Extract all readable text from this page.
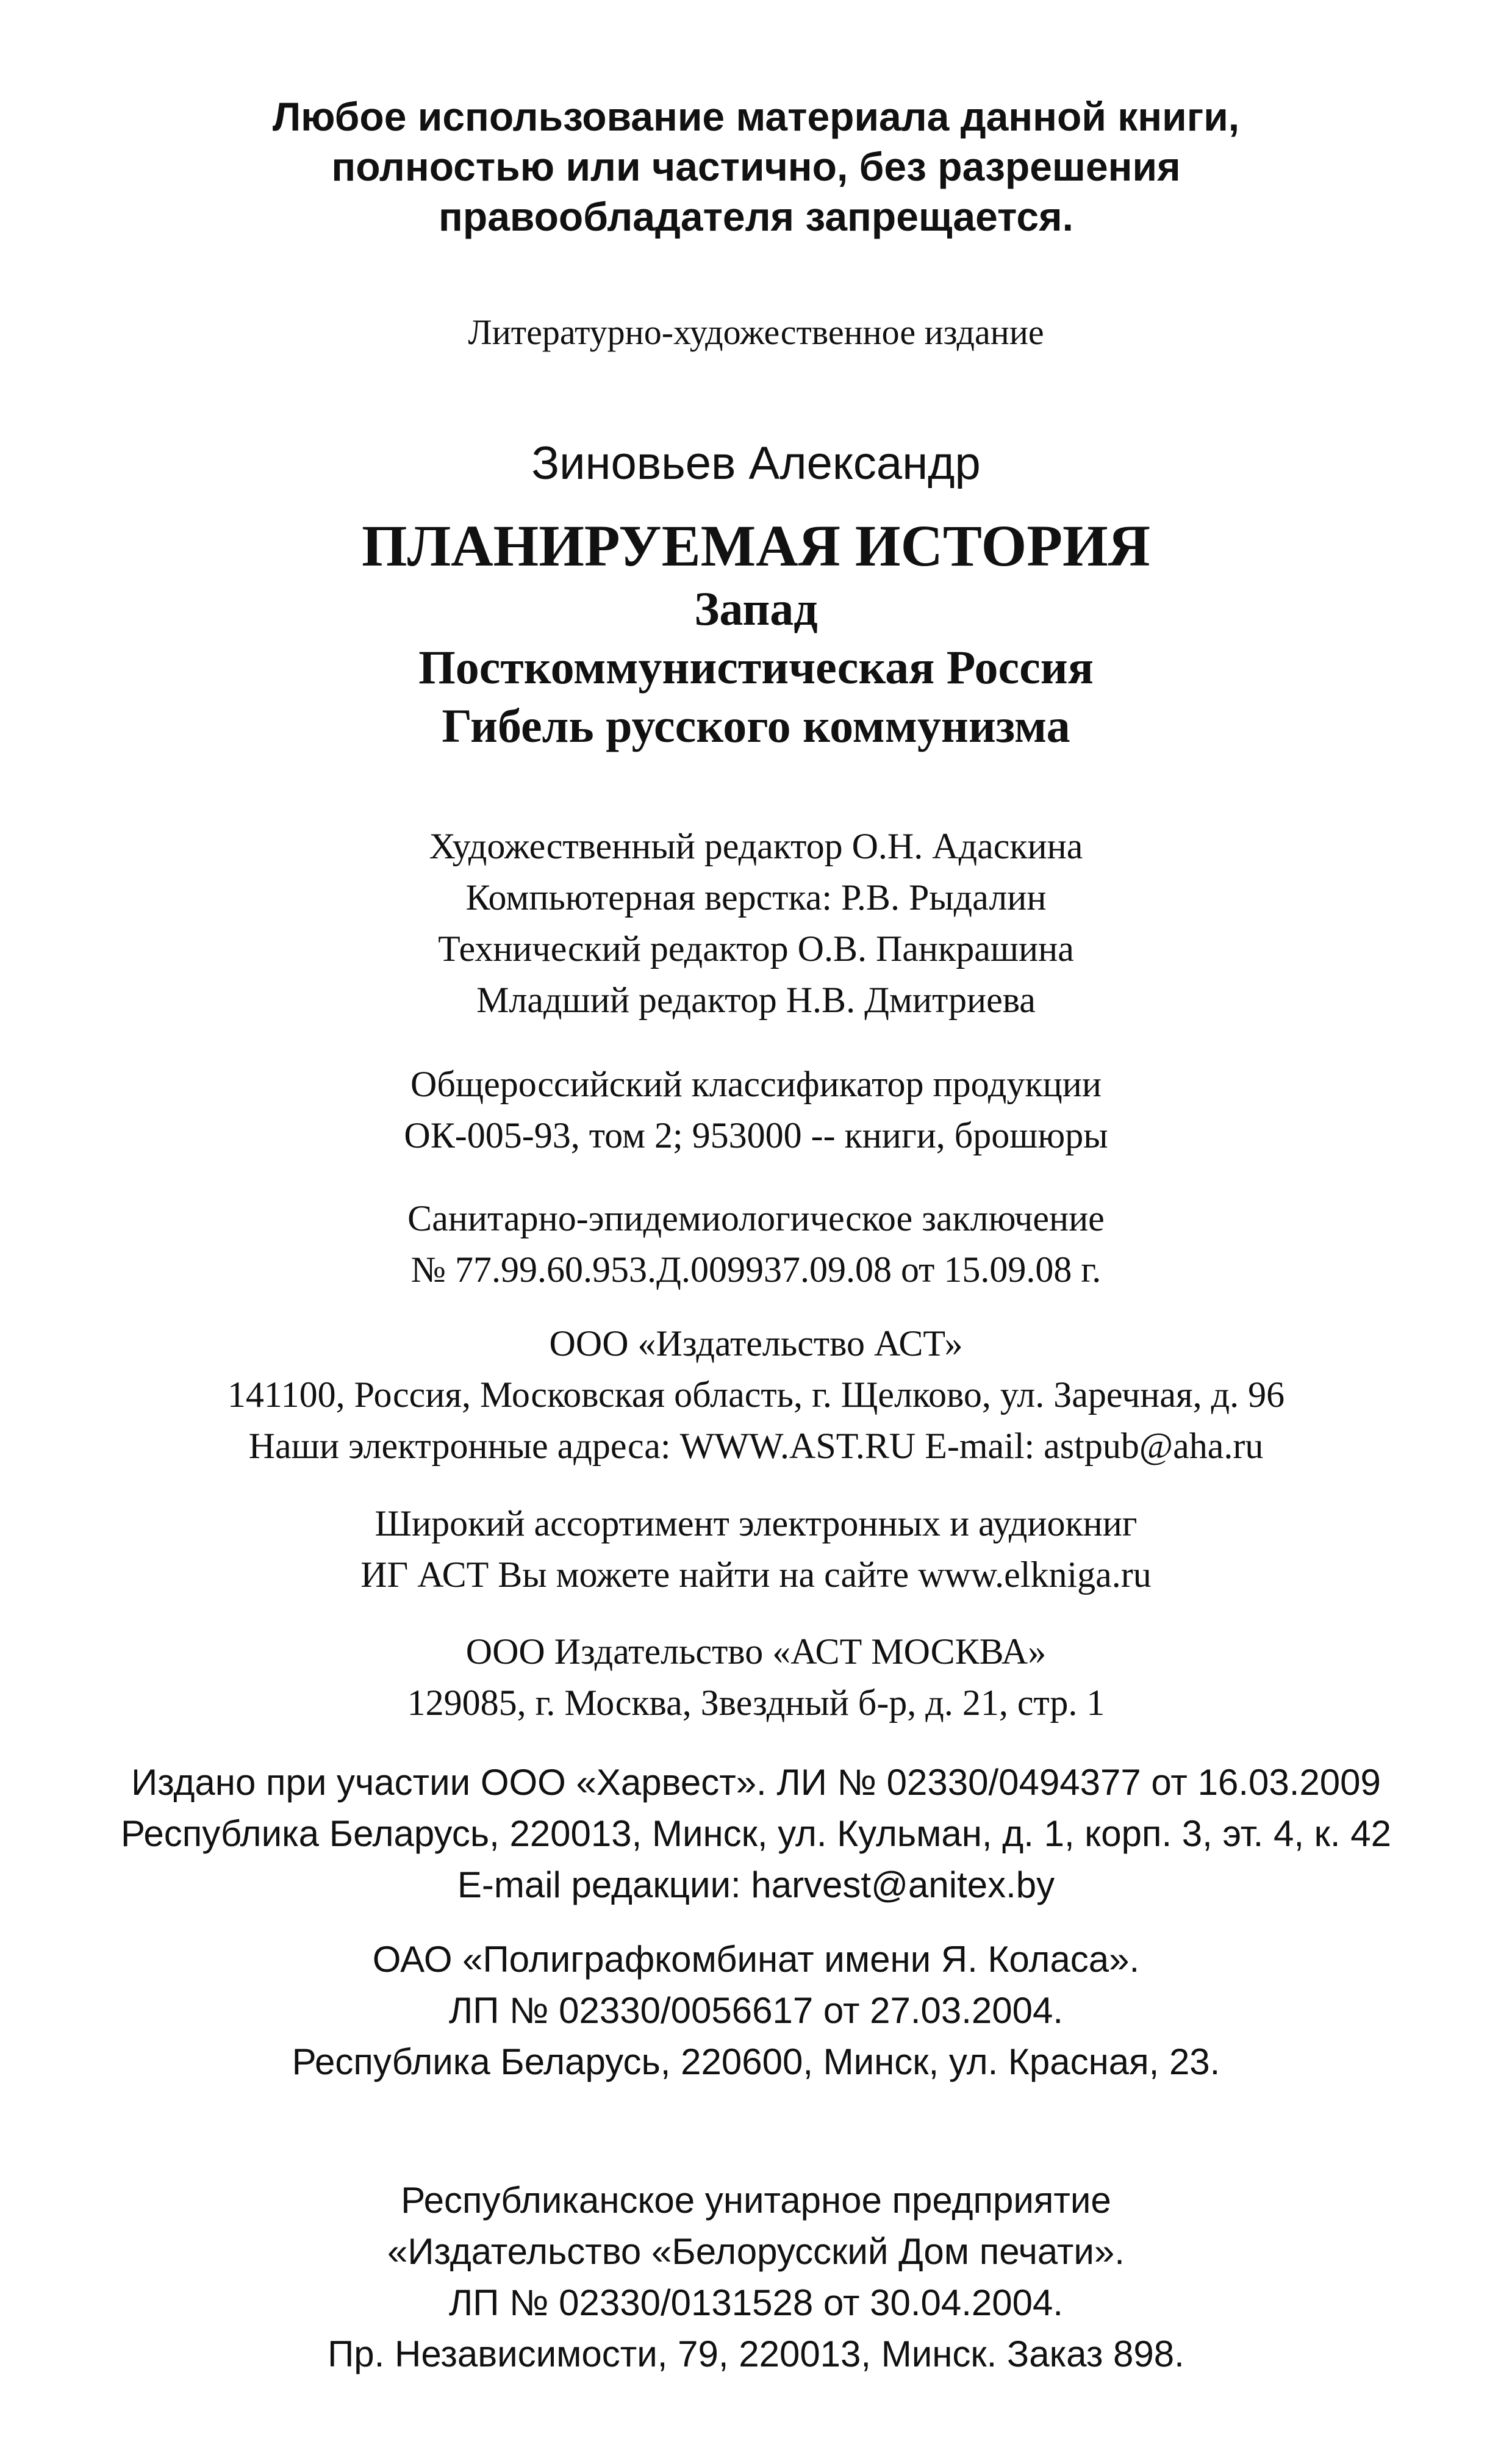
Любое использование материала данной книги,
полностью или частично, без разрешения
правообладателя запрещается.
Литературно-художественное издание
Зиновьев Александр
ПЛАНИРУЕМАЯ ИСТОРИЯ
Запад
Посткоммунистическая Россия
Гибель русского коммунизма
Художественный редактор О.Н. Адаскина
Компьютерная верстка: Р.В. Рыдалин
Технический редактор О.В. Панкрашина
Младший редактор Н.В. Дмитриева
Общероссийский классификатор продукции
ОК-005-93, том 2; 953000 -- книги, брошюры
Санитарно-эпидемиологическое заключение
№ 77.99.60.953.Д.009937.09.08 от 15.09.08 г.
ООО «Издательство АСТ»
141100, Россия, Московская область, г. Щелково, ул. Заречная, д. 96
Наши электронные адреса: WWW.AST.RU E-mail: astpub@aha.ru
Широкий ассортимент электронных и аудиокниг
ИГ АСТ Вы можете найти на сайте www.elkniga.ru
ООО Издательство «АСТ МОСКВА»
129085, г. Москва, Звездный б-р, д. 21, стр. 1
Издано при участии ООО «Харвест». ЛИ № 02330/0494377 от 16.03.2009
Республика Беларусь, 220013, Минск, ул. Кульман, д. 1, корп. 3, эт. 4, к. 42
E-mail редакции: harvest@anitex.by
ОАО «Полиграфкомбинат имени Я. Коласа».
ЛП № 02330/0056617 от 27.03.2004.
Республика Беларусь, 220600, Минск, ул. Красная, 23.
Республиканское унитарное предприятие
«Издательство «Белорусский Дом печати».
ЛП № 02330/0131528 от 30.04.2004.
Пр. Независимости, 79, 220013, Минск. Заказ 898.
